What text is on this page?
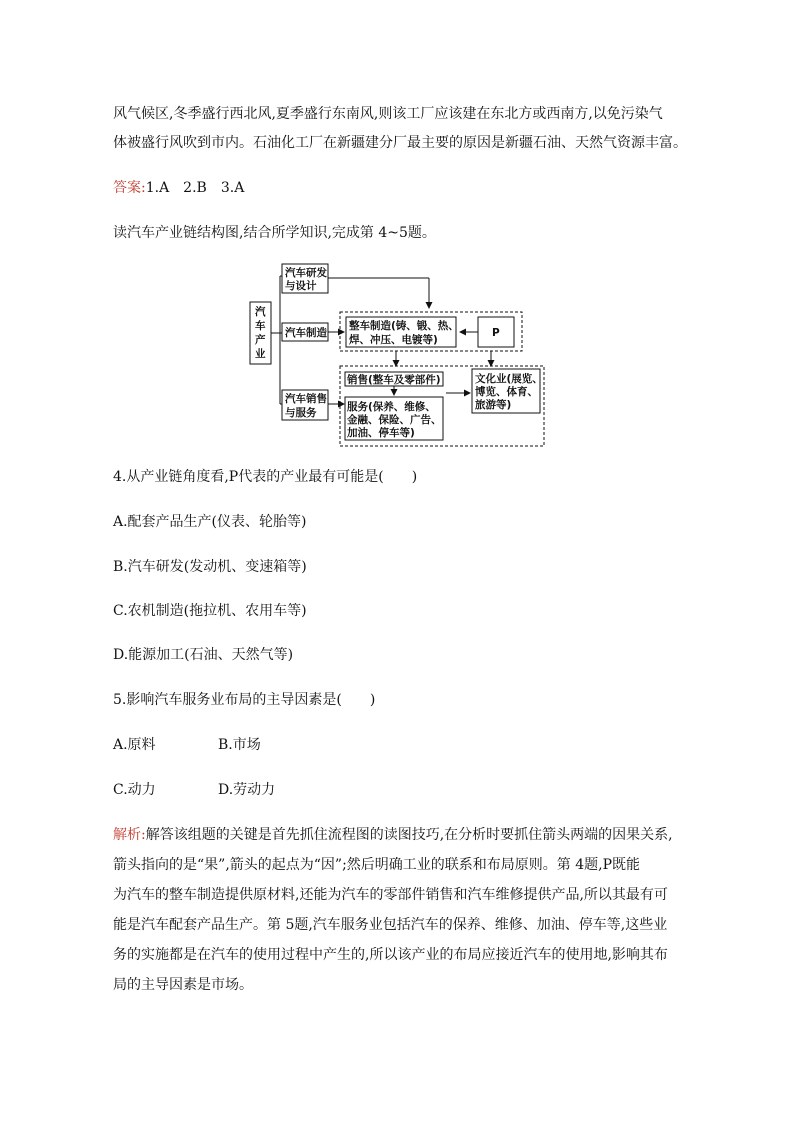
风气候区,冬季盛行西北风,夏季盛行东南风,则该工厂应该建在东北方或西南方,以免污染气
体被盛行风吹到市内。石油化工厂在新疆建分厂最主要的原因是新疆石油、天然气资源丰富。
答案:1.A　2.B　3.A
读汽车产业链结构图,结合所学知识,完成第 4~5题。
汽
车
产
业
汽车研发
与设计
汽车制造
整车制造(铸、锻、热、
焊、冲压、电镀等)
P
汽车销售
与服务
销售(整车及零部件)
服务(保养、维修、
金融、保险、广告、
加油、停车等)
文化业(展览、
博览、体育、
旅游等)
4.从产业链角度看,P代表的产业最有可能是(　　)
A.配套产品生产(仪表、轮胎等)
B.汽车研发(发动机、变速箱等)
C.农机制造(拖拉机、农用车等)
D.能源加工(石油、天然气等)
5.影响汽车服务业布局的主导因素是(　　)
A.原料	B.市场
C.动力	D.劳动力
解析:解答该组题的关键是首先抓住流程图的读图技巧,在分析时要抓住箭头两端的因果关系,
箭头指向的是“果”,箭头的起点为“因”;然后明确工业的联系和布局原则。第 4题,P既能
为汽车的整车制造提供原材料,还能为汽车的零部件销售和汽车维修提供产品,所以其最有可
能是汽车配套产品生产。第 5题,汽车服务业包括汽车的保养、维修、加油、停车等,这些业
务的实施都是在汽车的使用过程中产生的,所以该产业的布局应接近汽车的使用地,影响其布
局的主导因素是市场。
